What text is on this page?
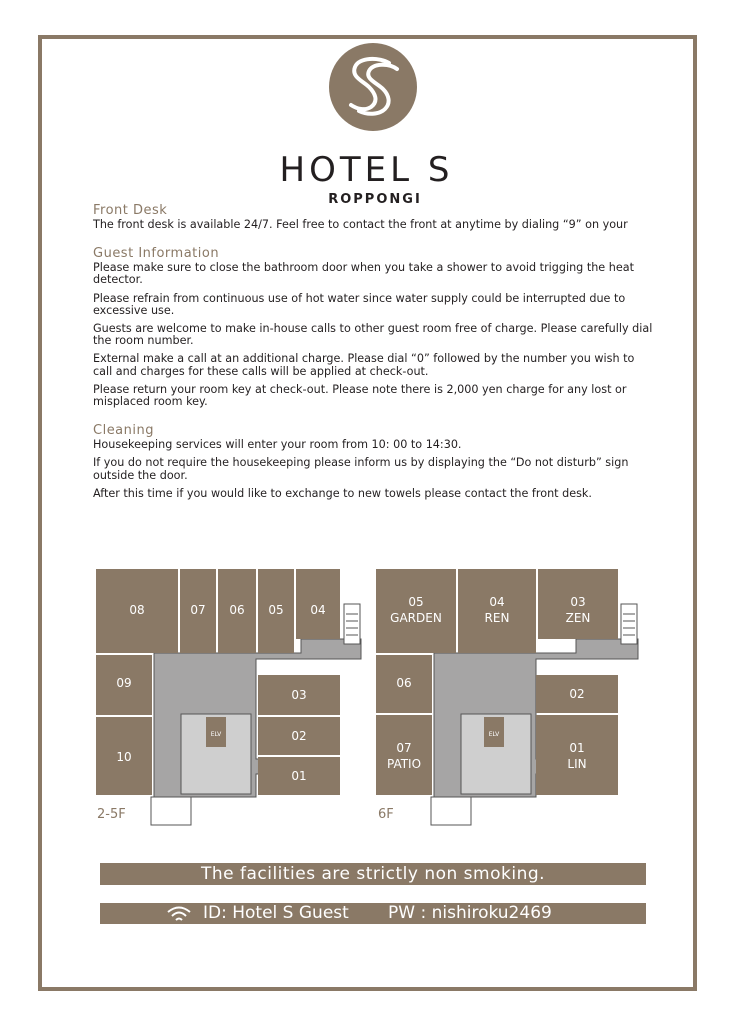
HOTEL S
ROPPONGI
Front Desk

The front desk is available 24/7. Feel free to contact the front at anytime by dialing “9” on your

Guest Information

Please make sure to close the bathroom door when you take a shower to avoid trigging the heat detector.

Please refrain from continuous use of hot water since water supply could be interrupted due to excessive use.

Guests are welcome to make in-house calls to other guest room free of charge. Please carefully dial the room number.

External make a call at an additional charge. Please dial “0” followed by the number you wish to call and charges for these calls will be applied at check-out.

Please return your room key at check-out. Please note there is 2,000 yen charge for any lost or misplaced room key.

Cleaning

Housekeeping services will enter your room from 10: 00 to 14:30.

If you do not require the housekeeping please inform us by displaying the “Do not disturb” sign outside the door.

After this time if you would like to exchange to new towels please contact the front desk.

ELV
08	07 06 05 04
09
03
10
02
01
2-5F
ELV
05
GARDEN
04
REN
03
ZEN
06
02
07
PATIO
01
LIN
6F
The facilities are strictly non smoking.
ID: Hotel S Guest PW : nishiroku2469
